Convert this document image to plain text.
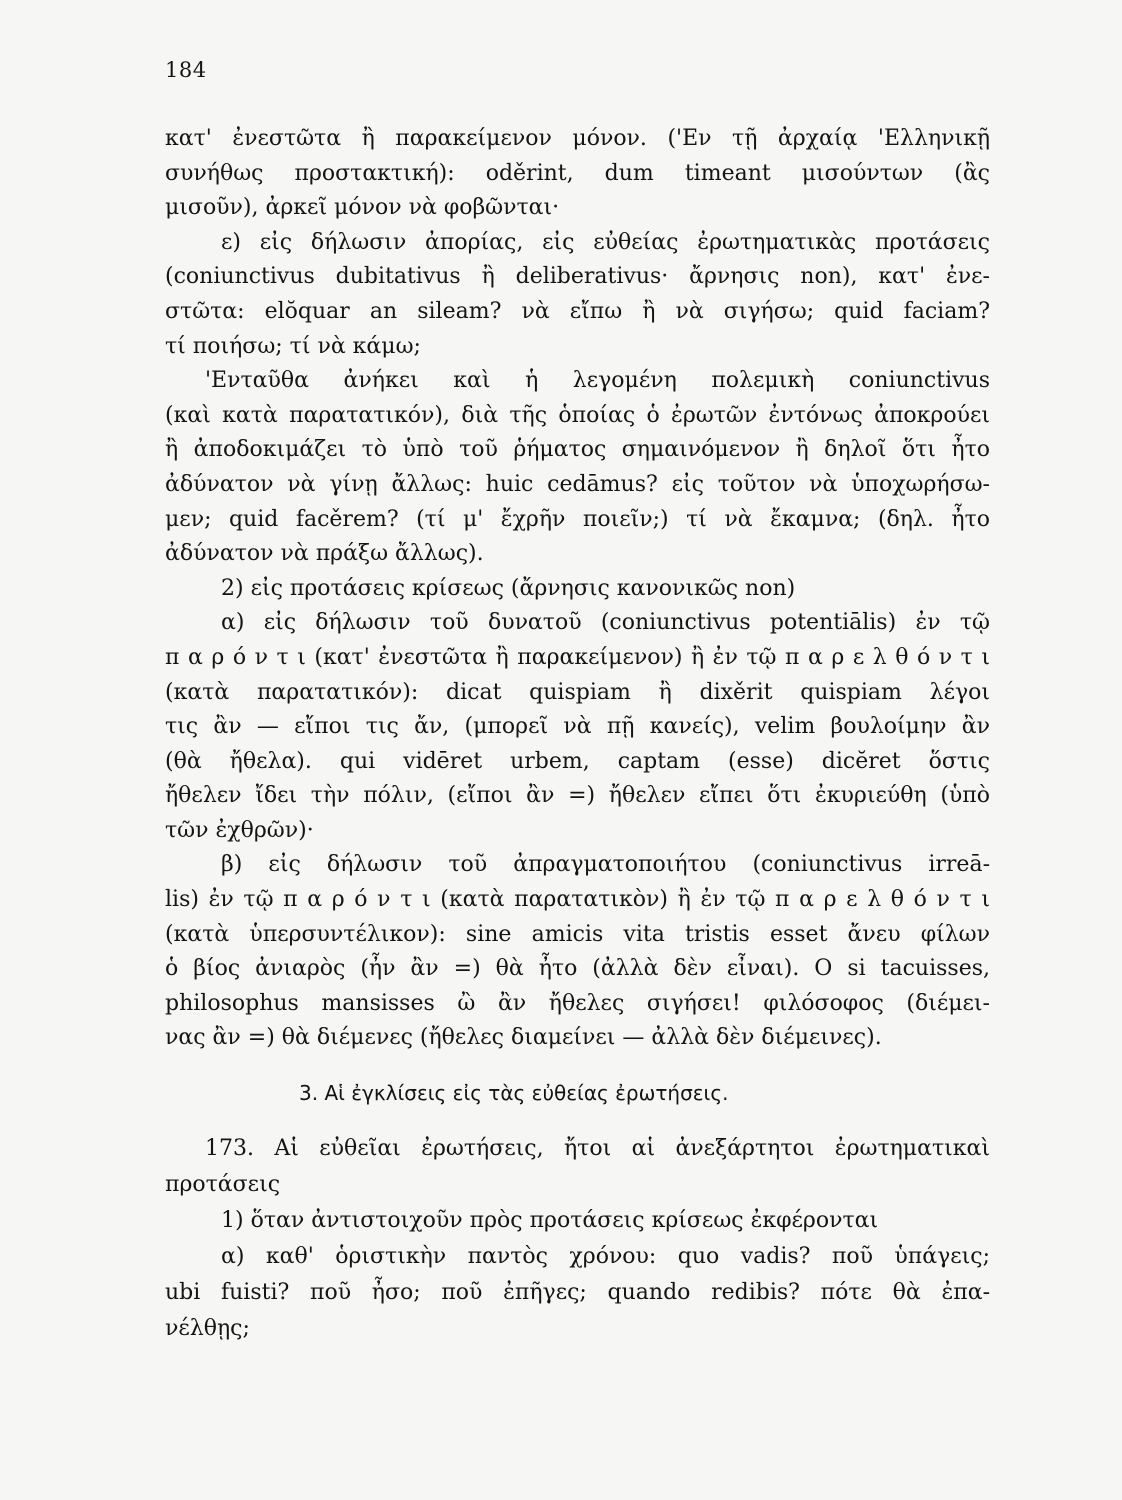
184
κατ' ἐνεστῶτα ἢ παρακείμενον μόνον. ('Εν τῇ ἀρχαίᾳ 'Ελληνικῇ
συνήθως προστακτική): oděrint, dum timeant μισούντων (ἂς
μισοῦν), ἀρκεῖ μόνον νὰ φοβῶνται·
ε) εἰς δήλωσιν ἀπορίας, εἰς εὐθείας ἐρωτηματικὰς προτάσεις
(coniunctivus dubitativus ἢ deliberativus· ἄρνησις non), κατ' ἐνε-
στῶτα: elŏquar an sileam? νὰ εἴπω ἢ νὰ σιγήσω; quid faciam?
τί ποιήσω; τί νὰ κάμω;
'Ενταῦθα ἀνήκει καὶ ἡ λεγομένη πολεμικὴ coniunctivus
(καὶ κατὰ παρατατικόν), διὰ τῆς ὁποίας ὁ ἐρωτῶν ἐντόνως ἀποκρούει
ἢ ἀποδοκιμάζει τὸ ὑπὸ τοῦ ῥήματος σημαινόμενον ἢ δηλοῖ ὅτι ἦτο
ἀδύνατον νὰ γίνῃ ἄλλως: huic cedāmus? εἰς τοῦτον νὰ ὑποχωρήσω-
μεν; quid facěrem? (τί μ' ἔχρῆν ποιεῖν;) τί νὰ ἔκαμνα; (δηλ. ἦτο
ἀδύνατον νὰ πράξω ἄλλως).
2) εἰς προτάσεις κρίσεως (ἄρνησις κανονικῶς non)
α) εἰς δήλωσιν τοῦ δυνατοῦ (coniunctivus potentiālis) ἐν τῷ
π α ρ ό ν τ ι (κατ' ἐνεστῶτα ἢ παρακείμενον) ἢ ἐν τῷ π α ρ ε λ θ ό ν τ ι
(κατὰ παρατατικόν): dicat quispiam ἢ dixěrit quispiam λέγοι
τις ἂν — εἴποι τις ἄν, (μπορεῖ νὰ πῇ κανείς), velim βουλοίμην ἂν
(θὰ ἤθελα). qui vidēret urbem, captam (esse) dicĕret ὅστις
ἤθελεν ἴδει τὴν πόλιν, (εἴποι ἂν =) ἤθελεν εἴπει ὅτι ἐκυριεύθη (ὑπὸ
τῶν ἐχθρῶν)·
β) εἰς δήλωσιν τοῦ ἀπραγματοποιήτου (coniunctivus irreā-
lis) ἐν τῷ π α ρ ό ν τ ι (κατὰ παρατατικὸν) ἢ ἐν τῷ π α ρ ε λ θ ό ν τ ι
(κατὰ ὑπερσυντέλικον): sine amicis vita tristis esset ἄνευ φίλων
ὁ βίος ἀνιαρὸς (ἦν ἂν =) θὰ ἦτο (ἀλλὰ δὲν εἶναι). O si tacuisses,
philosophus mansisses ὢ ἂν ἤθελες σιγήσει! φιλόσοφος (διέμει-
νας ἂν =) θὰ διέμενες (ἤθελες διαμείνει — ἀλλὰ δὲν διέμεινες).
3. Αἱ ἐγκλίσεις εἰς τὰς εὐθείας ἐρωτήσεις.
173. Αἱ εὐθεῖαι ἐρωτήσεις, ἤτοι αἱ ἀνεξάρτητοι ἐρωτηματικαὶ
προτάσεις
1) ὅταν ἀντιστοιχοῦν πρὸς προτάσεις κρίσεως ἐκφέρονται
α) καθ' ὁριστικὴν παντὸς χρόνου: quo vadis? ποῦ ὑπάγεις;
ubi fuisti? ποῦ ἦσο; ποῦ ἐπῆγες; quando redibis? πότε θὰ ἐπα-
νέλθῃς;
